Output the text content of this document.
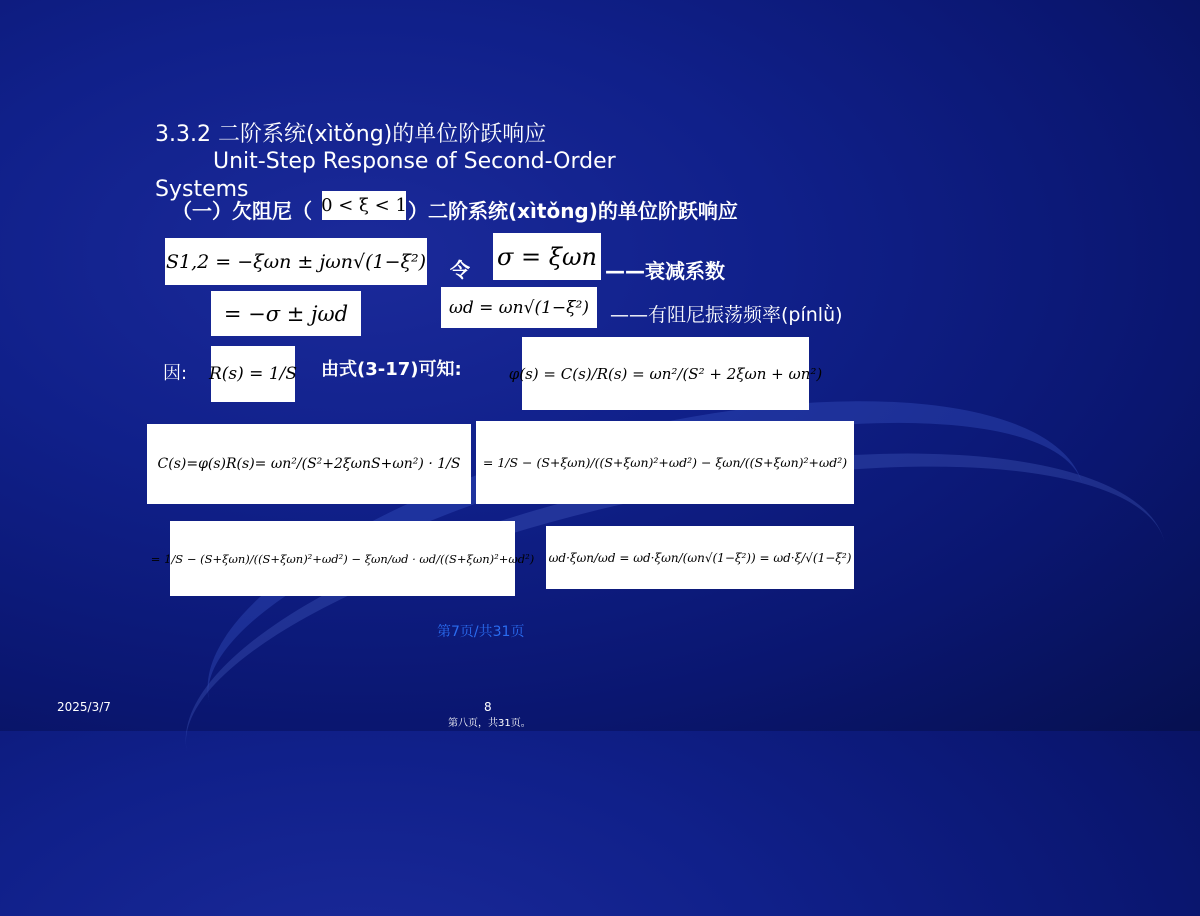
3.3.2 二阶系统(xìtǒng)的单位阶跃响应
Unit-Step Response of Second-Order
Systems
（一）欠阻尼（ 0 < ξ < 1 ）二阶系统(xìtǒng)的单位阶跃响应
S1,2 = −ξωn ± jωn√(1−ξ²)
= −σ ± jωd
令 σ = ξωn
——衰减系数
ωd = ωn√(1−ξ²) ——有阻尼振荡频率(pínlǜ)
因: R(s) = 1/S 由式(3-17)可知:	φ(s) = C(s)/R(s) = ωn²/(S² + 2ξωn + ωn²)
C(s)=φ(s)R(s)= ωn²/(S²+2ξωnS+ωn²) · 1/S = 1/S − (S+ξωn)/((S+ξωn)²+ωd²) − ξωn/((S+ξωn)²+ωd²)
= 1/S − (S+ξωn)/((S+ξωn)²+ωd²) − ξωn/ωd · ωd/((S+ξωn)²+ωd²) ωd·ξωn/ωd = ωd·ξωn/(ωn√(1−ξ²)) = ωd·ξ/√(1−ξ²)
第7页/共31页
2025/3/7	8
第八页，共31页。
